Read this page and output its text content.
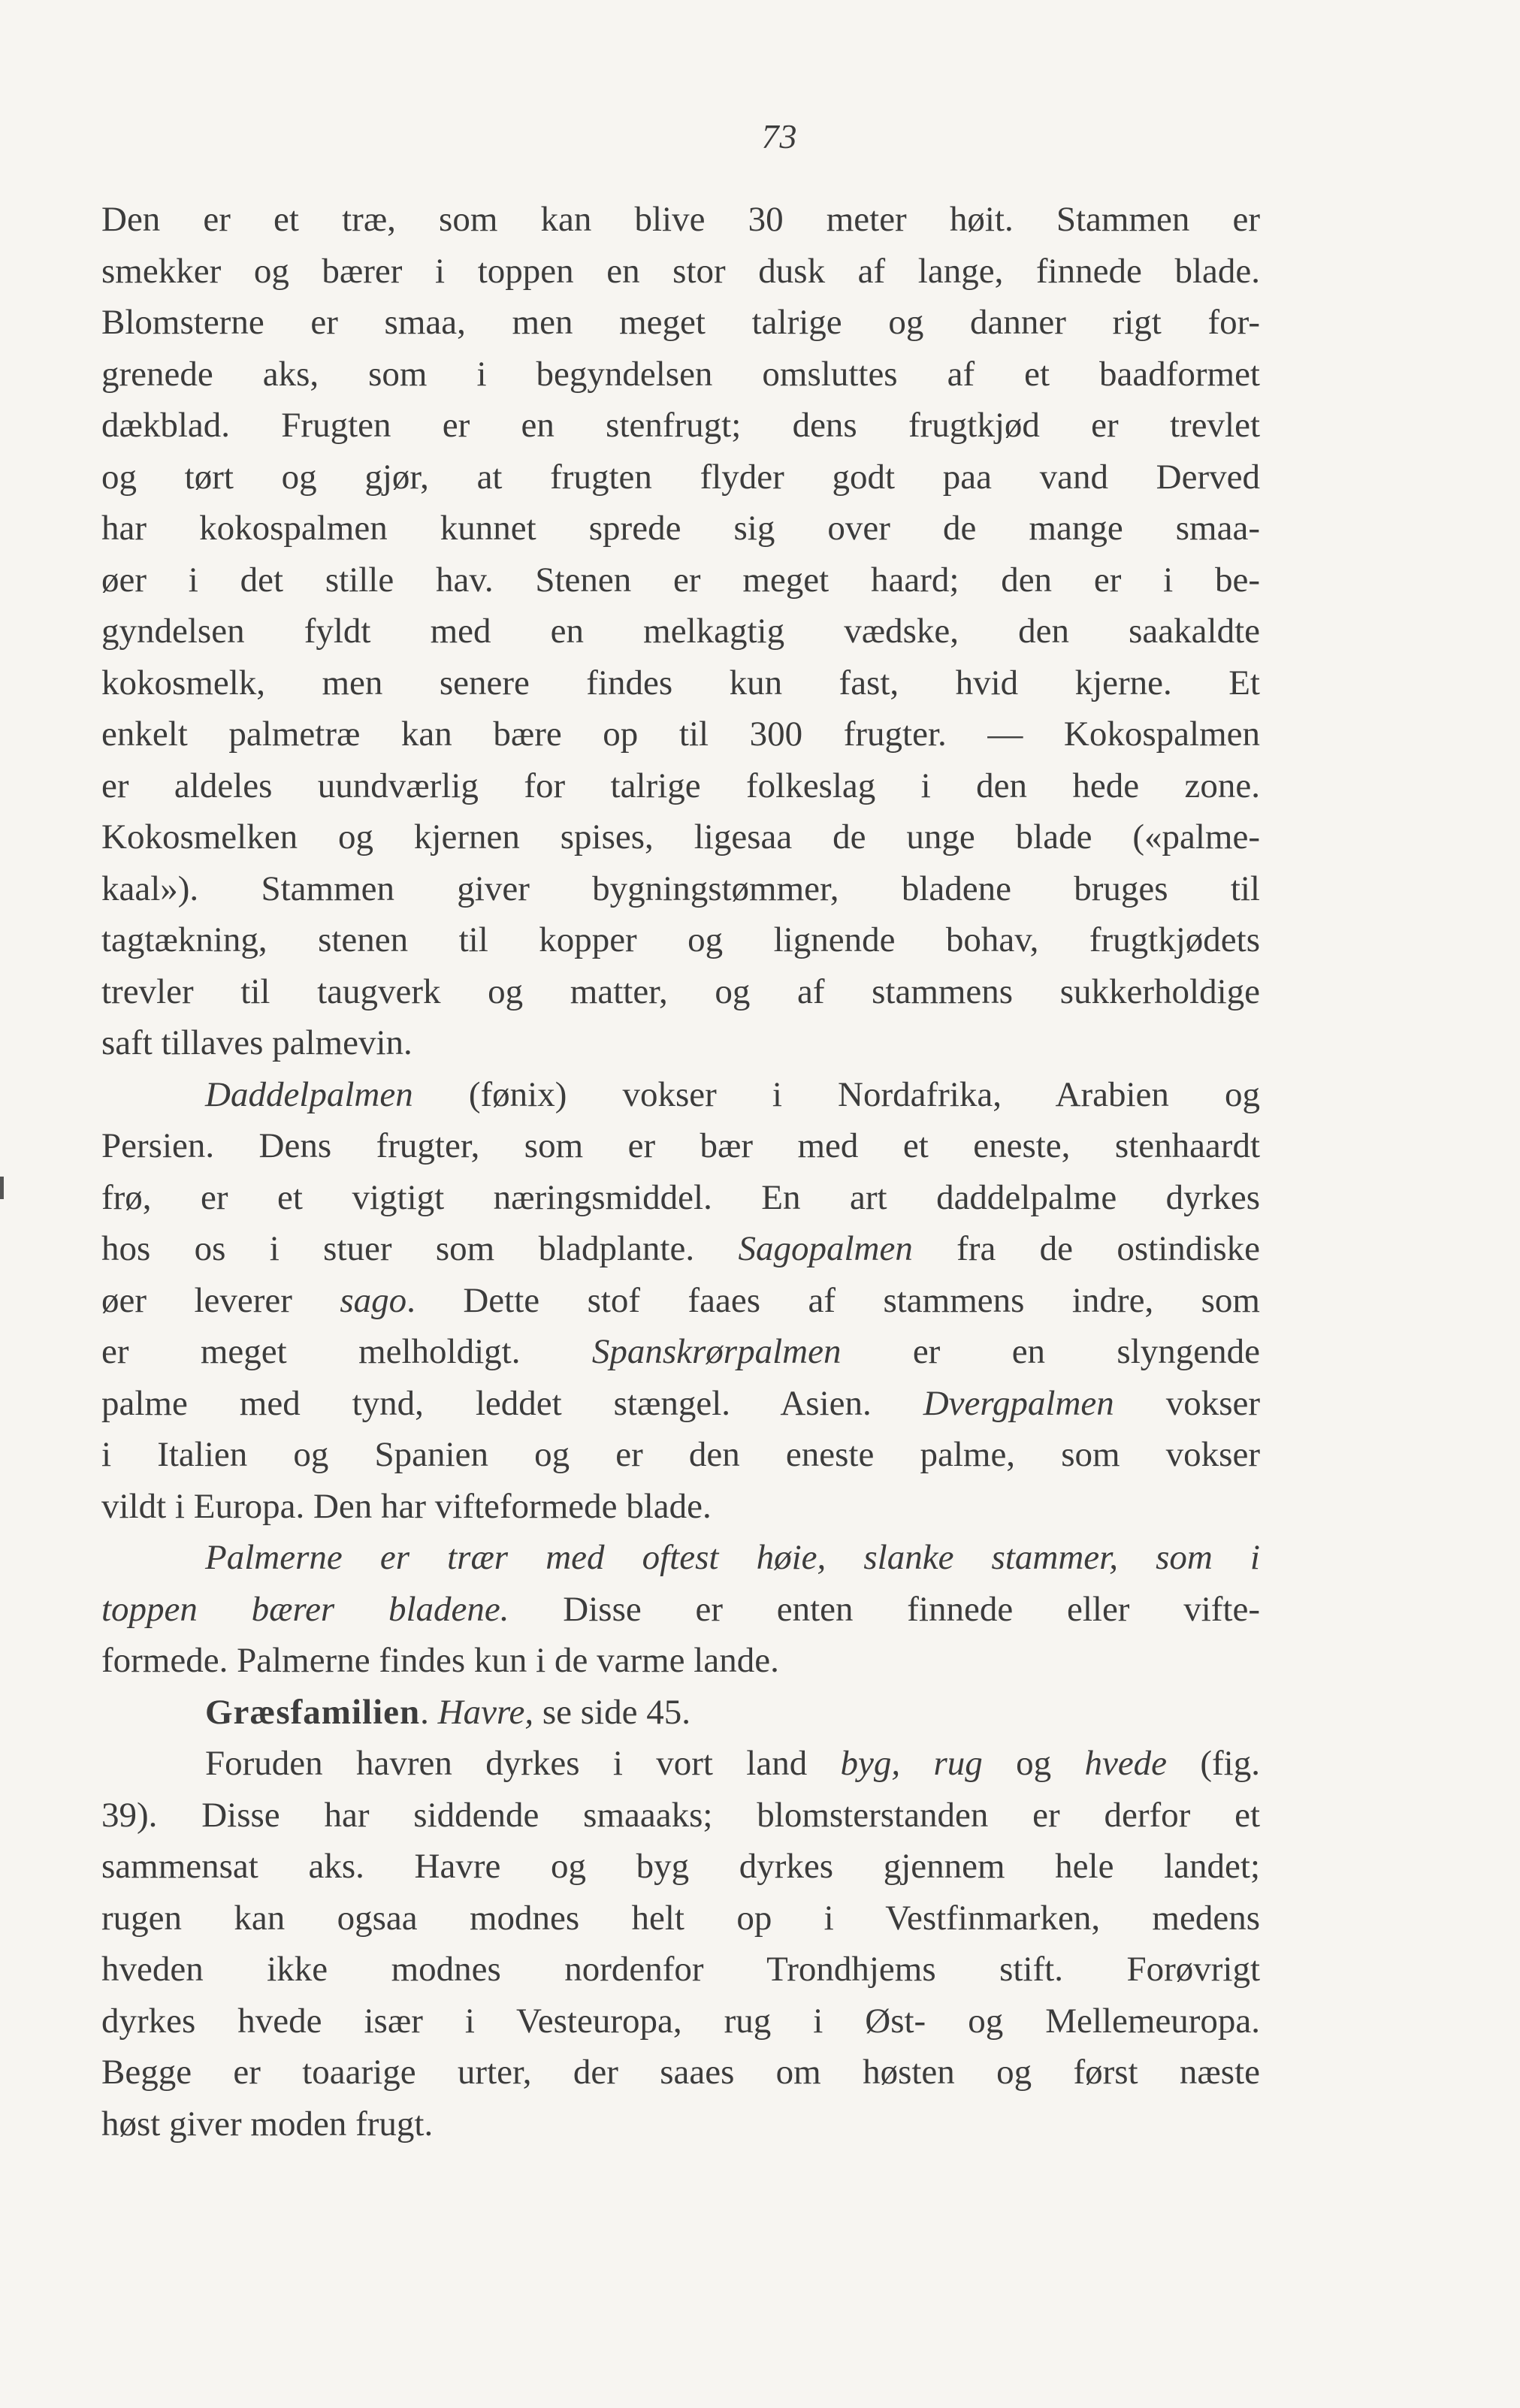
73
Den er et træ, som kan blive 30 meter høit. Stammen er
smekker og bærer i toppen en stor dusk af lange, finnede blade.
Blomsterne er smaa, men meget talrige og danner rigt for-
grenede aks, som i begyndelsen omsluttes af et baadformet
dækblad. Frugten er en stenfrugt; dens frugtkjød er trevlet
og tørt og gjør, at frugten flyder godt paa vand Derved
har kokospalmen kunnet sprede sig over de mange smaa-
øer i det stille hav. Stenen er meget haard; den er i be-
gyndelsen fyldt med en melkagtig vædske, den saakaldte
kokosmelk, men senere findes kun fast, hvid kjerne. Et
enkelt palmetræ kan bære op til 300 frugter. — Kokospalmen
er aldeles uundværlig for talrige folkeslag i den hede zone.
Kokosmelken og kjernen spises, ligesaa de unge blade («palme-
kaal»). Stammen giver bygningstømmer, bladene bruges til
tagtækning, stenen til kopper og lignende bohav, frugtkjødets
trevler til taugverk og matter, og af stammens sukkerholdige
saft tillaves palmevin.
Daddelpalmen (fønix) vokser i Nordafrika, Arabien og
Persien. Dens frugter, som er bær med et eneste, stenhaardt
frø, er et vigtigt næringsmiddel. En art daddelpalme dyrkes
hos os i stuer som bladplante. Sagopalmen fra de ostindiske
øer leverer sago. Dette stof faaes af stammens indre, som
er meget melholdigt. Spanskrørpalmen er en slyngende
palme med tynd, leddet stængel. Asien. Dvergpalmen vokser
i Italien og Spanien og er den eneste palme, som vokser
vildt i Europa. Den har vifteformede blade.
Palmerne er trær med oftest høie, slanke stammer, som i
toppen bærer bladene. Disse er enten finnede eller vifte-
formede. Palmerne findes kun i de varme lande.
Græsfamilien. Havre, se side 45.
Foruden havren dyrkes i vort land byg, rug og hvede (fig.
39). Disse har siddende smaaaks; blomsterstanden er derfor et
sammensat aks. Havre og byg dyrkes gjennem hele landet;
rugen kan ogsaa modnes helt op i Vestfinmarken, medens
hveden ikke modnes nordenfor Trondhjems stift. Forøvrigt
dyrkes hvede især i Vesteuropa, rug i Øst- og Mellemeuropa.
Begge er toaarige urter, der saaes om høsten og først næste
høst giver moden frugt.
